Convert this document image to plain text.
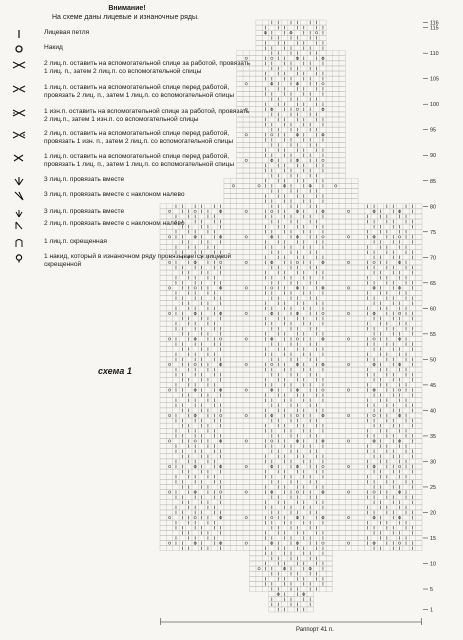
Внимание!
На схеме даны лицевые и изнаночные ряды.
Лицевая петля
Накид
2 лиц.п. оставить на вспомогательной спице за работой, провязать 1 лиц. п., затем 2 лиц.п. со вспомогательной спицы
1 лиц.п. оставить на вспомогательной спице перед работой, провязать 2 лиц. п., затем 1 лиц.п. со вспомогательной спицы
1 изн.п. оставить на вспомогательной спице за работой, провязать 2 лиц.п., затем 1 изн.п. со вспомогательной спицы
2 лиц.п. оставить на вспомогательной спице перед работой, провязать 1 изн. п., затем 2 лиц.п. со вспомогательной спицы
1 лиц.п. оставить на вспомогательной спице перед работой, провязать 1 лиц. п., затем 1 лиц.п. со вспомогательной спицы
3 лиц.п. провязать вместе
3 лиц.п. провязать вместе с наклоном налево
3 лиц.п. провязать вместе
2 лиц.п. провязать вместе с наклоном налево
1 лиц.п. скрещенная
1 накид, который в изнаночном ряду провязывается лицевой скрещенной
схема 1
116
115
110
105
100
95
90
85
80
75
70
65
60
55
50
45
40
35
30
25
20
15
10
5
1
Раппорт 41 п.
